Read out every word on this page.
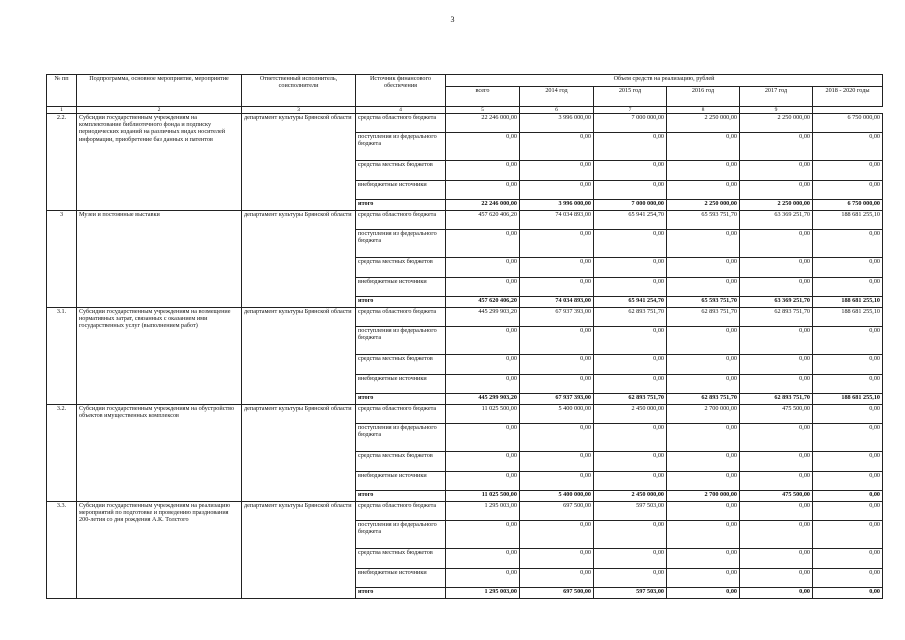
3
№ пп	Подпрограмма, основное мероприятие, мероприятие	Ответственный исполнитель, соисполнители	Источник финансового обеспечения	Объем средств на реализацию, рублей					
				всего	2014 год	2015 год	2016 год	2017 год	2018 - 2020 годы
1	2	3	4	5	6	7	8	9
2.2.	Субсидии государственным учреждениям на комплектование библиотечного фонда и подписку периодических изданий на различных видах носителей информации, приобретение баз данных и патентов	департамент культуры Брянской области	средства областного бюджета	22 246 000,00	3 996 000,00	7 000 000,00	2 250 000,00	2 250 000,00	6 750 000,00
			поступления из федерального бюджета	0,00	0,00	0,00	0,00	0,00	0,00
			средства местных бюджетов	0,00	0,00	0,00	0,00	0,00	0,00
			внебюджетные источники	0,00	0,00	0,00	0,00	0,00	0,00
			итого	22 246 000,00	3 996 000,00	7 000 000,00	2 250 000,00	2 250 000,00	6 750 000,00
3	Музеи и постоянные выставки	департамент культуры Брянской области	средства областного бюджета	457 620 406,20	74 034 893,00	65 941 254,70	65 593 751,70	63 369 251,70	188 681 255,10
			поступления из федерального бюджета	0,00	0,00	0,00	0,00	0,00	0,00
			средства местных бюджетов	0,00	0,00	0,00	0,00	0,00	0,00
			внебюджетные источники	0,00	0,00	0,00	0,00	0,00	0,00
			итого	457 620 406,20	74 034 893,00	65 941 254,70	65 593 751,70	63 369 251,70	188 681 255,10
3.1.	Субсидии государственным учреждениям на возмещение нормативных затрат, связанных с оказанием ими государственных услуг (выполнением работ)	департамент культуры Брянской области	средства областного бюджета	445 299 903,20	67 937 393,00	62 893 751,70	62 893 751,70	62 893 751,70	188 681 255,10
			поступления из федерального бюджета	0,00	0,00	0,00	0,00	0,00	0,00
			средства местных бюджетов	0,00	0,00	0,00	0,00	0,00	0,00
			внебюджетные источники	0,00	0,00	0,00	0,00	0,00	0,00
			итого	445 299 903,20	67 937 393,00	62 893 751,70	62 893 751,70	62 893 751,70	188 681 255,10
3.2.	Субсидии государственным учреждениям на обустройство объектов имущественных комплексов	департамент культуры Брянской области	средства областного бюджета	11 025 500,00	5 400 000,00	2 450 000,00	2 700 000,00	475 500,00	0,00
			поступления из федерального бюджета	0,00	0,00	0,00	0,00	0,00	0,00
			средства местных бюджетов	0,00	0,00	0,00	0,00	0,00	0,00
			внебюджетные источники	0,00	0,00	0,00	0,00	0,00	0,00
			итого	11 025 500,00	5 400 000,00	2 450 000,00	2 700 000,00	475 500,00	0,00
3.3.	Субсидии государственным учреждениям на реализацию мероприятий по подготовке и проведению празднования 200-летия со дня рождения А.К. Толстого	департамент культуры Брянской области	средства областного бюджета	1 295 003,00	697 500,00	597 503,00	0,00	0,00	0,00
			поступления из федерального бюджета	0,00	0,00	0,00	0,00	0,00	0,00
			средства местных бюджетов	0,00	0,00	0,00	0,00	0,00	0,00
			внебюджетные источники	0,00	0,00	0,00	0,00	0,00	0,00
			итого	1 295 003,00	697 500,00	597 503,00	0,00	0,00	0,00
